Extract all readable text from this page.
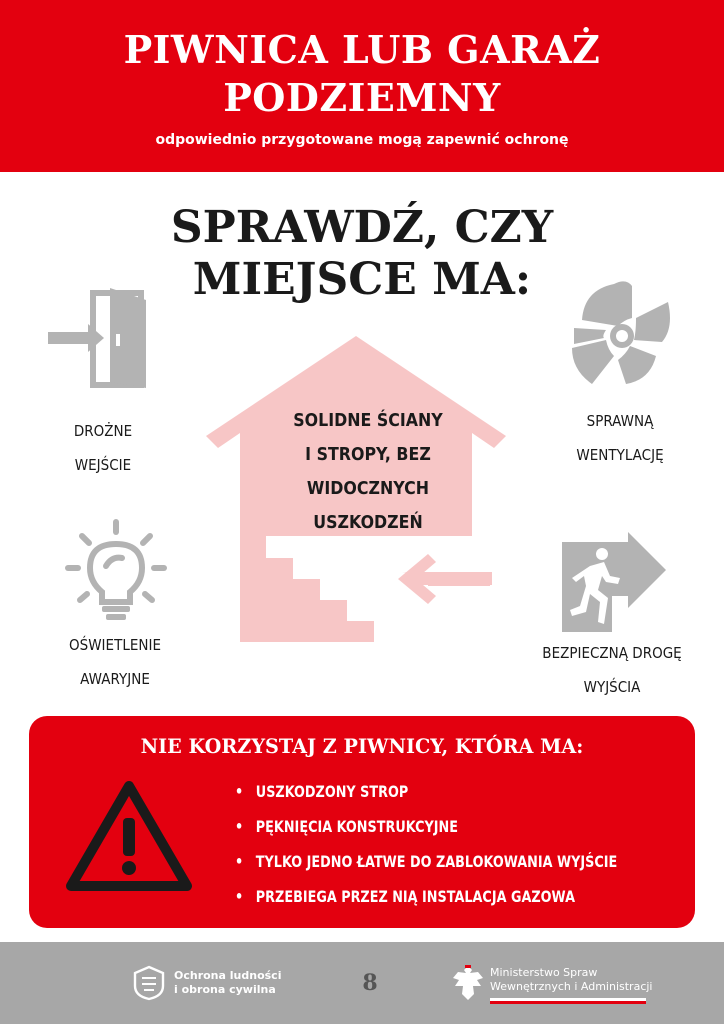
PIWNICA LUB GARAŻ
PODZIEMNY
odpowiednio przygotowane mogą zapewnić ochronę
SPRAWDŹ, CZY
MIEJSCE MA:
SOLIDNE ŚCIANY
I STROPY, BEZ
WIDOCZNYCH
USZKODZEŃ
DROŻNE
WEJŚCIE
SPRAWNĄ
WENTYLACJĘ
OŚWIETLENIE
AWARYJNE
BEZPIECZNĄ DROGĘ
WYJŚCIA
NIE KORZYSTAJ Z PIWNICY, KTÓRA MA:
• USZKODZONY STROP
• PĘKNIĘCIA KONSTRUKCYJNE
• TYLKO JEDNO ŁATWE DO ZABLOKOWANIA WYJŚCIE
• PRZEBIEGA PRZEZ NIĄ INSTALACJA GAZOWA
Ochrona ludności
i obrona cywilna	8	Ministerstwo Spraw
Wewnętrznych i Administracji
